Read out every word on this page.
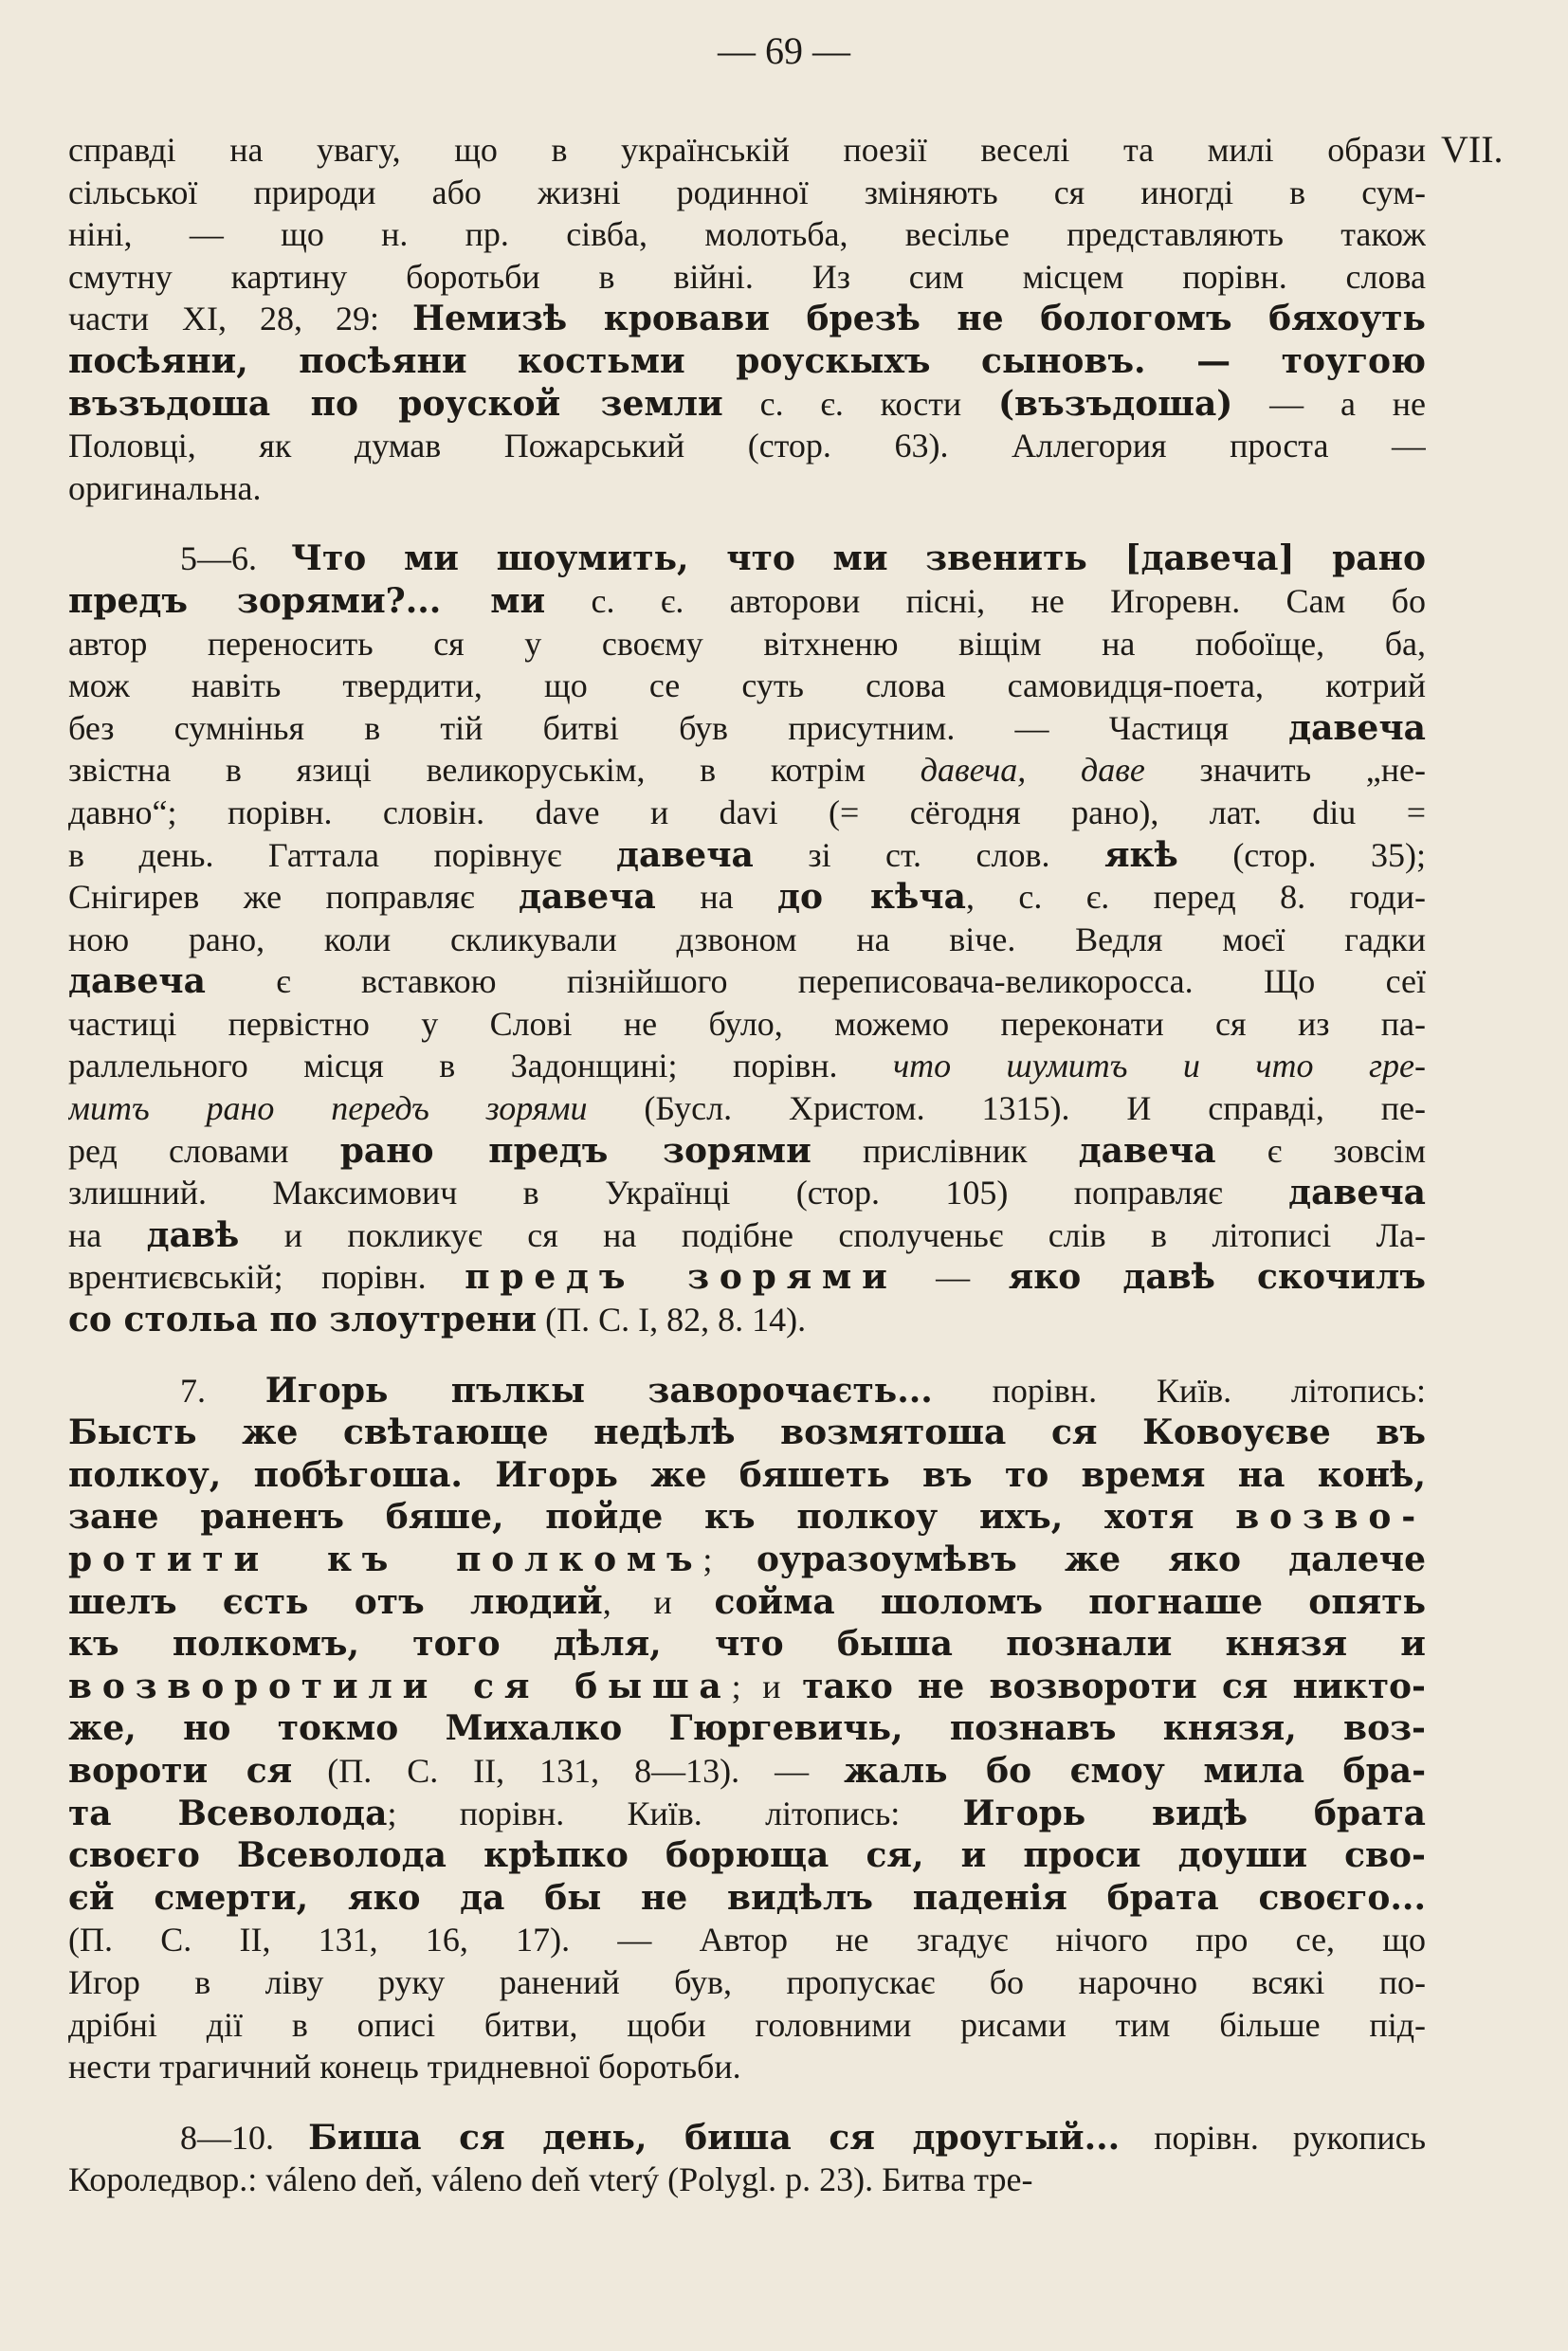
— 69 —
VII.
справді на увагу, що в українській поезії веселі та милі образи
сільської природи або жизні родинної зміняють ся иногді в сум-
ніні, — що н. пр. сівба, молотьба, весілье представляють також
смутну картину боротьби в війні. Из сим місцем порівн. слова
части XI, 28, 29: Немизѣ кровави брезѣ не бологомъ бяхоуть
посѣяни, посѣяни костьми роускыхъ сыновъ. — тоугою
възъдоша по роуской земли с. є. кости (възъдоша) — а не
Половці, як думав Пожарський (стор. 63). Аллегория проста —
оригинальна.
5—6. Что ми шоумить, что ми звенить [давеча] рано
предъ зорями?... ми с. є. авторови пісні, не Игоревн. Сам бо
автор переносить ся у своєму вітхненю віщім на побоїще, ба,
мож навіть твердити, що се суть слова самовидця-поета, котрий
без сумнінья в тій битві був присутним. — Частиця давеча
звістна в язиці великоруськім, в котрім давеча, даве значить „не-
давно“; порівн. словін. dave и davi (= сёгодня рано), лат. diu =
в день. Гаттала порівнує давеча зі ст. слов. якѣ (стор. 35);
Снігирев же поправляє давеча на до кѣча, с. є. перед 8. годи-
ною рано, коли скликували дзвоном на віче. Ведля моєї гадки
давеча є вставкою пізнійшого переписовача-великоросса. Що сеї
частиці первістно у Слові не було, можемо переконати ся из па-
раллельного місця в Задонщині; порівн. что шумитъ и что гре-
митъ рано передъ зорями (Бусл. Христом. 1315). И справді, пе-
ред словами рано предъ зорями прислівник давеча є зовсім
злишний. Максимович в Українці (стор. 105) поправляє давеча
на давѣ и покликує ся на подібне сполученьє слів в літописі Ла-
врентиєвській; порівн. предъ зорями — яко давѣ скочилъ
со стольа по злоутрени (П. С. І, 82, 8. 14).
7. Игорь пълкы заворочаєть... порівн. Київ. літопись:
Бысть же свѣтающе недѣлѣ возмятоша ся Ковоуєве въ
полкоу, побѣгоша. Игорь же бяшеть въ то время на конѣ,
зане раненъ бяше, пойде къ полкоу ихъ, хотя возво-
ротити къ полкомъ; оуразоумѣвъ же яко далече
шелъ єсть отъ людий, и сойма шоломъ погнаше опять
къ полкомъ, того дѣля, что быша познали князя и
возворотили ся быша; и тако не возвороти ся никто-
же, но токмо Михалко Гюргевичь, познавъ князя, воз-
вороти ся (П. С. II, 131, 8—13). — жаль бо ємоу мила бра-
та Всеволода; порівн. Київ. літопись: Игорь видѣ брата
своєго Всеволода крѣпко борюща ся, и проси доуши сво-
єй смерти, яко да бы не видѣлъ паденія брата своєго...
(П. С. II, 131, 16, 17). — Автор не згадує нічого про се, що
Игор в ліву руку ранений був, пропускає бо нарочно всякі по-
дрібні дії в описі битви, щоби головними рисами тим більше під-
нести трагичний конець тридневної боротьби.
8—10. Биша ся день, биша ся дроугый... порівн. рукопись
Короледвор.: váleno deň, váleno deň vterý (Polygl. p. 23). Битва тре-
